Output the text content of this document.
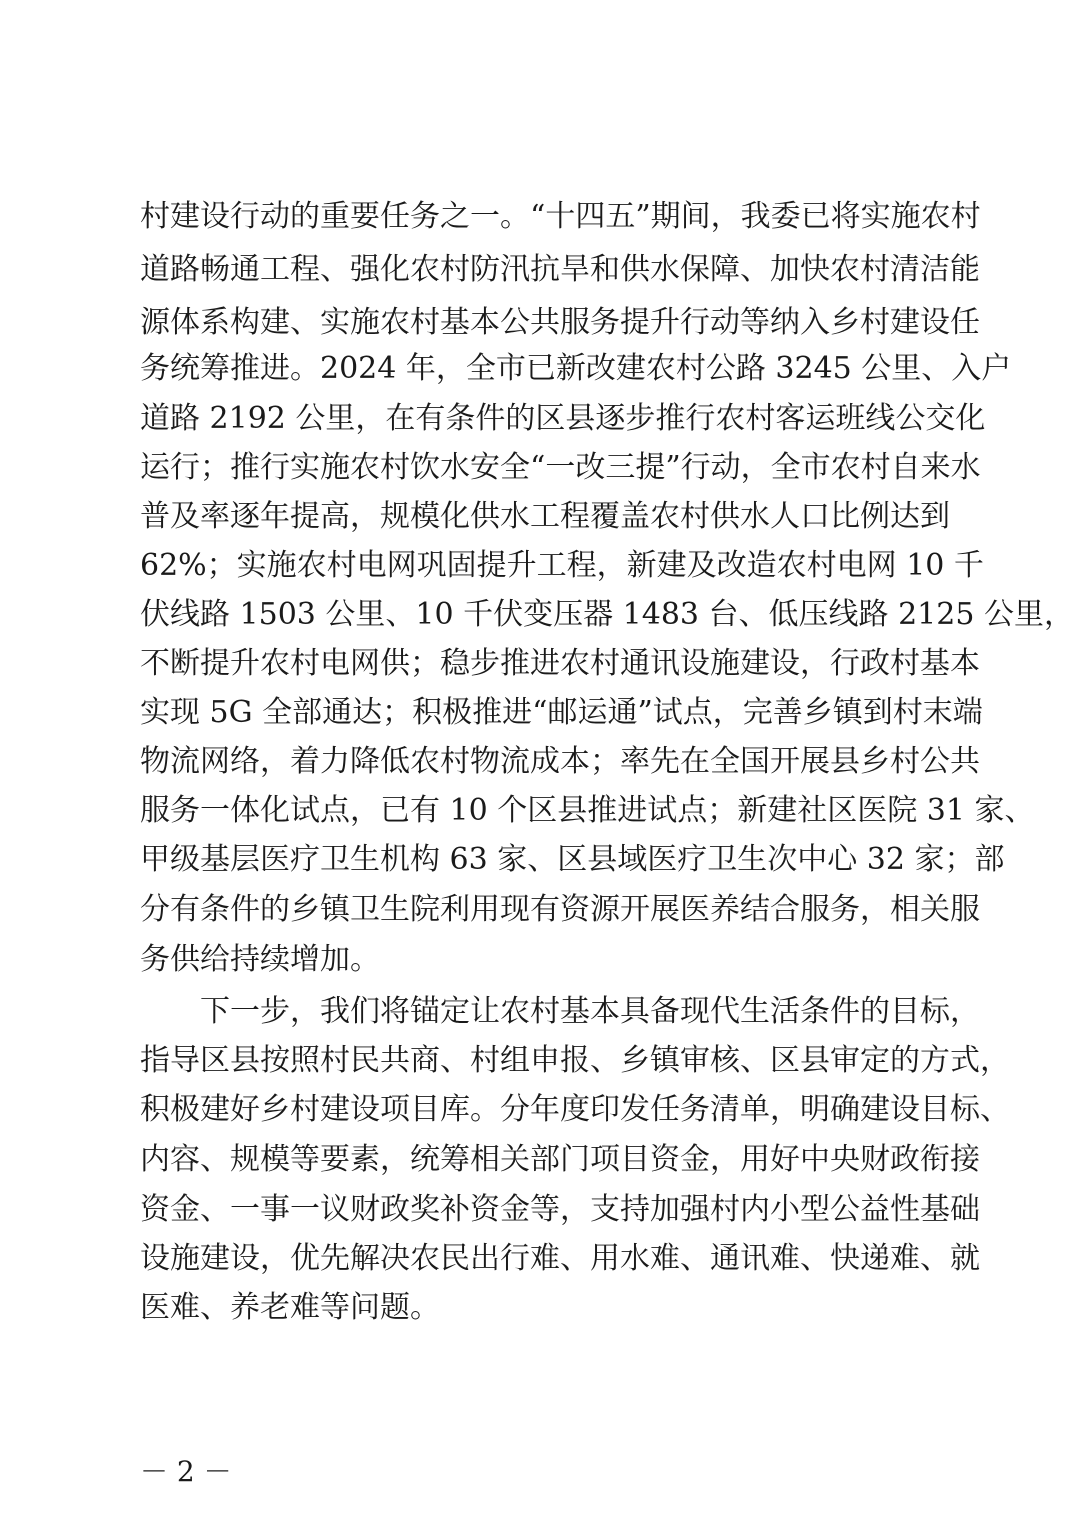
村建设行动的重要任务之一。“十四五”期间，我委已将实施农村
道路畅通工程、强化农村防汛抗旱和供水保障、加快农村清洁能
源体系构建、实施农村基本公共服务提升行动等纳入乡村建设任
务统筹推进。2024 年，全市已新改建农村公路 3245 公里、入户
道路 2192 公里，在有条件的区县逐步推行农村客运班线公交化
运行；推行实施农村饮水安全“一改三提”行动，全市农村自来水
普及率逐年提高，规模化供水工程覆盖农村供水人口比例达到
62%；实施农村电网巩固提升工程，新建及改造农村电网 10 千
伏线路 1503 公里、10 千伏变压器 1483 台、低压线路 2125 公里，
不断提升农村电网供；稳步推进农村通讯设施建设，行政村基本
实现 5G 全部通达；积极推进“邮运通”试点，完善乡镇到村末端
物流网络，着力降低农村物流成本；率先在全国开展县乡村公共
服务一体化试点，已有 10 个区县推进试点；新建社区医院 31 家、
甲级基层医疗卫生机构 63 家、区县域医疗卫生次中心 32 家；部
分有条件的乡镇卫生院利用现有资源开展医养结合服务，相关服
务供给持续增加。
下一步，我们将锚定让农村基本具备现代生活条件的目标，
指导区县按照村民共商、村组申报、乡镇审核、区县审定的方式，
积极建好乡村建设项目库。分年度印发任务清单，明确建设目标、
内容、规模等要素，统筹相关部门项目资金，用好中央财政衔接
资金、一事一议财政奖补资金等，支持加强村内小型公益性基础
设施建设，优先解决农民出行难、用水难、通讯难、快递难、就
医难、养老难等问题。
－ 2 －
